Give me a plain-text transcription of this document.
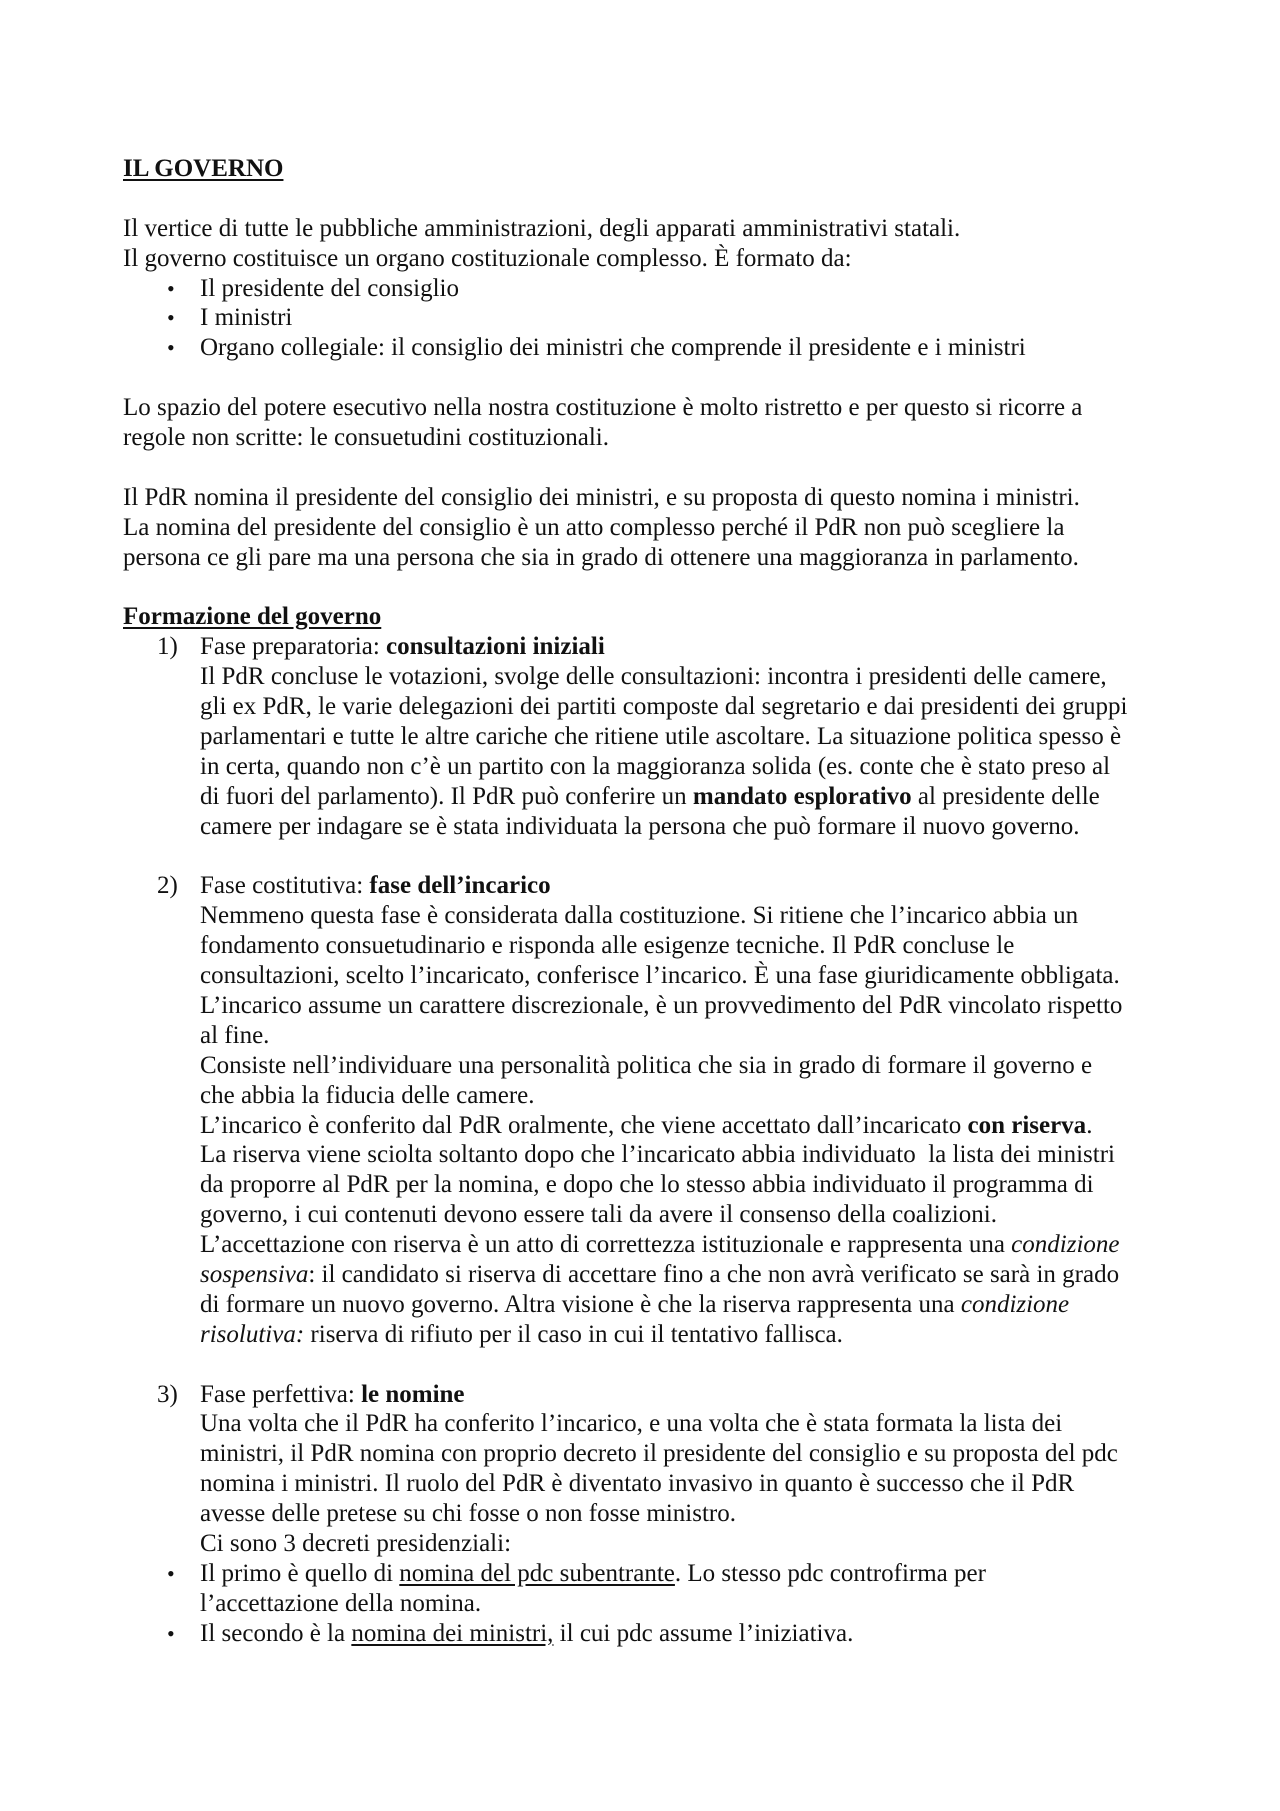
IL GOVERNO
Il vertice di tutte le pubbliche amministrazioni, degli apparati amministrativi statali.
Il governo costituisce un organo costituzionale complesso. È formato da:
• Il presidente del consiglio
• I ministri
• Organo collegiale: il consiglio dei ministri che comprende il presidente e i ministri
Lo spazio del potere esecutivo nella nostra costituzione è molto ristretto e per questo si ricorre a
regole non scritte: le consuetudini costituzionali.
Il PdR nomina il presidente del consiglio dei ministri, e su proposta di questo nomina i ministri.
La nomina del presidente del consiglio è un atto complesso perché il PdR non può scegliere la
persona ce gli pare ma una persona che sia in grado di ottenere una maggioranza in parlamento.
Formazione del governo
1) Fase preparatoria: consultazioni iniziali
Il PdR concluse le votazioni, svolge delle consultazioni: incontra i presidenti delle camere,
gli ex PdR, le varie delegazioni dei partiti composte dal segretario e dai presidenti dei gruppi
parlamentari e tutte le altre cariche che ritiene utile ascoltare. La situazione politica spesso è
in certa, quando non c’è un partito con la maggioranza solida (es. conte che è stato preso al
di fuori del parlamento). Il PdR può conferire un mandato esplorativo al presidente delle
camere per indagare se è stata individuata la persona che può formare il nuovo governo.
2) Fase costitutiva: fase dell’incarico
Nemmeno questa fase è considerata dalla costituzione. Si ritiene che l’incarico abbia un
fondamento consuetudinario e risponda alle esigenze tecniche. Il PdR concluse le
consultazioni, scelto l’incaricato, conferisce l’incarico. È una fase giuridicamente obbligata.
L’incarico assume un carattere discrezionale, è un provvedimento del PdR vincolato rispetto
al fine.
Consiste nell’individuare una personalità politica che sia in grado di formare il governo e
che abbia la fiducia delle camere.
L’incarico è conferito dal PdR oralmente, che viene accettato dall’incaricato con riserva.
La riserva viene sciolta soltanto dopo che l’incaricato abbia individuato  la lista dei ministri
da proporre al PdR per la nomina, e dopo che lo stesso abbia individuato il programma di
governo, i cui contenuti devono essere tali da avere il consenso della coalizioni.
L’accettazione con riserva è un atto di correttezza istituzionale e rappresenta una condizione
sospensiva: il candidato si riserva di accettare fino a che non avrà verificato se sarà in grado
di formare un nuovo governo. Altra visione è che la riserva rappresenta una condizione
risolutiva: riserva di rifiuto per il caso in cui il tentativo fallisca.
3) Fase perfettiva: le nomine
Una volta che il PdR ha conferito l’incarico, e una volta che è stata formata la lista dei
ministri, il PdR nomina con proprio decreto il presidente del consiglio e su proposta del pdc
nomina i ministri. Il ruolo del PdR è diventato invasivo in quanto è successo che il PdR
avesse delle pretese su chi fosse o non fosse ministro.
Ci sono 3 decreti presidenziali:
• Il primo è quello di nomina del pdc subentrante. Lo stesso pdc controfirma per
l’accettazione della nomina.
• Il secondo è la nomina dei ministri, il cui pdc assume l’iniziativa.
